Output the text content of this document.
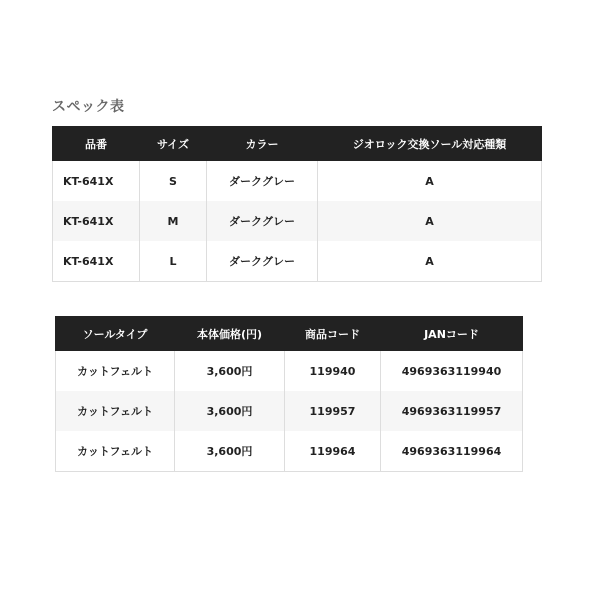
スペック表
品番	サイズ	カラー	ジオロック交換ソール対応種類
KT-641X	S	ダークグレー	A
KT-641X	M	ダークグレー	A
KT-641X	L	ダークグレー	A
ソールタイプ	本体価格(円)	商品コード	JANコード
カットフェルト	3,600円	119940	4969363119940
カットフェルト	3,600円	119957	4969363119957
カットフェルト	3,600円	119964	4969363119964
